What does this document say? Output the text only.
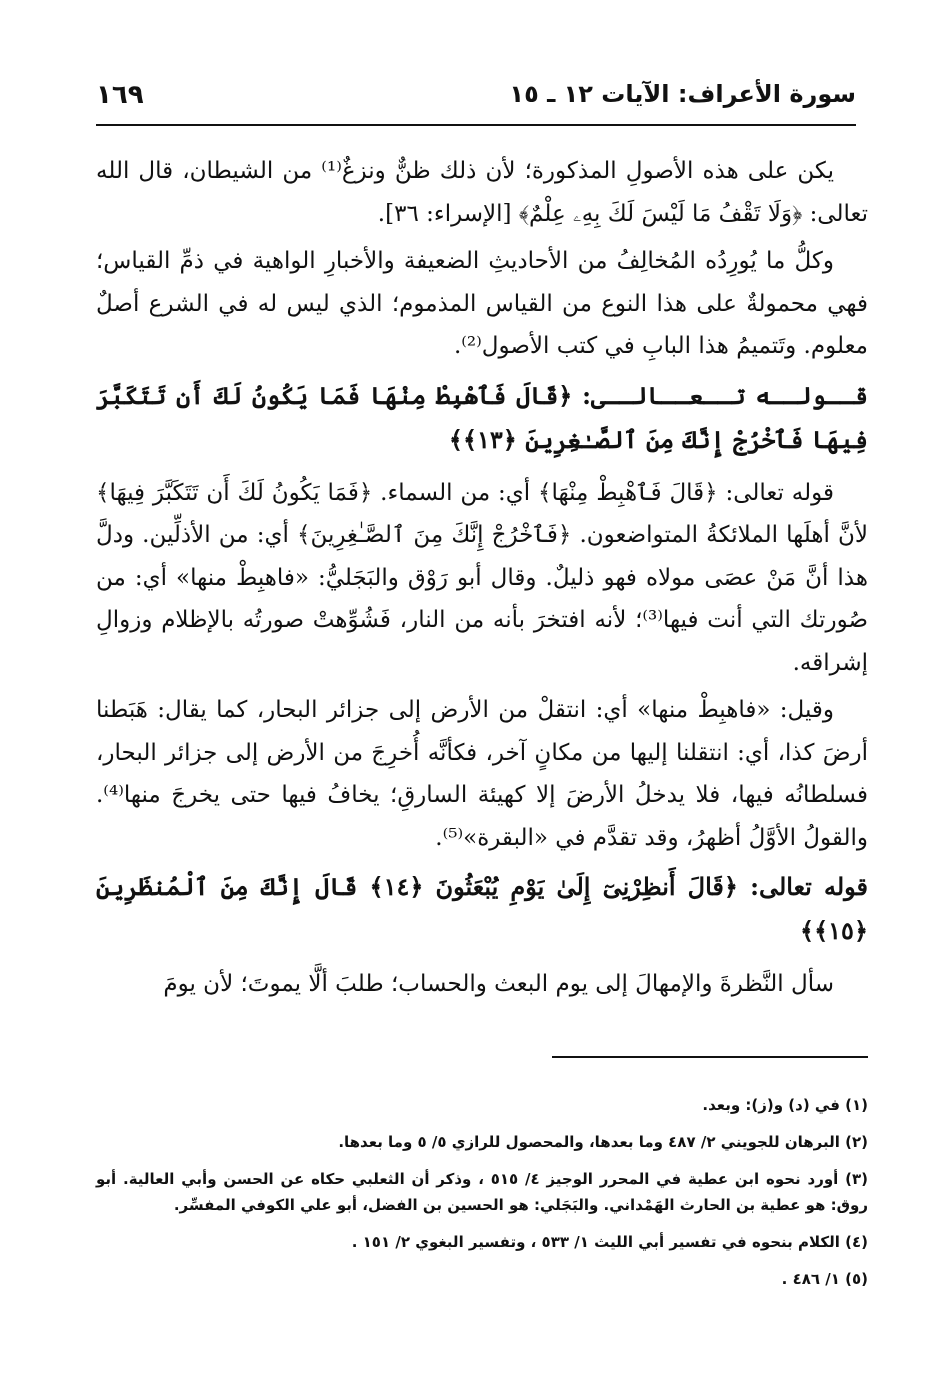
سورة الأعراف: الآيات ١٢ ـ ١٥
١٦٩

يكن على هذه الأصولِ المذكورة؛ لأن ذلك ظنٌّ ونزغٌ⁽¹⁾ من الشيطان، قال الله تعالى: ﴿وَلَا تَقْفُ مَا لَيْسَ لَكَ بِهِۦ عِلْمٌ﴾ [الإسراء: ٣٦].

وكلُّ ما يُورِدُه المُخالِفُ من الأحاديثِ الضعيفة والأخبارِ الواهية في ذمِّ القياس؛ فهي محمولةٌ على هذا النوع من القياس المذموم؛ الذي ليس له في الشرع أصلٌ معلوم. وتَتميمُ هذا البابِ في كتب الأصول⁽²⁾.

قــولــه تــعــالــى: ﴿قَالَ فَٱهْبِطْ مِنْهَا فَمَا يَكُونُ لَكَ أَن تَتَكَبَّرَ فِيهَا فَٱخْرُجْ إِنَّكَ مِنَ ٱلصَّـٰغِرِينَ ﴿١٣﴾﴾

قوله تعالى: ﴿قَالَ فَٱهْبِطْ مِنْهَا﴾ أي: من السماء. ﴿فَمَا يَكُونُ لَكَ أَن تَتَكَبَّرَ فِيهَا﴾ لأنَّ أهلَها الملائكةُ المتواضعون. ﴿فَٱخْرُجْ إِنَّكَ مِنَ ٱلصَّـٰغِرِينَ﴾ أي: من الأذلِّين. ودلَّ هذا أنَّ مَنْ عصَى مولاه فهو ذليلٌ. وقال أبو رَوْق والبَجَليُّ: «فاهبِطْ منها» أي: من صُورتك التي أنت فيها⁽³⁾؛ لأنه افتخرَ بأنه من النار، فَشُوِّهتْ صورتُه بالإظلام وزوالِ إشراقه.

وقيل: «فاهبِطْ منها» أي: انتقلْ من الأرض إلى جزائر البحار، كما يقال: هَبَطنا أرضَ كذا، أي: انتقلنا إليها من مكانٍ آخر، فكأنَّه أُخرِجَ من الأرض إلى جزائر البحار، فسلطانُه فيها، فلا يدخلُ الأرضَ إلا كهيئة السارقِ؛ يخافُ فيها حتى يخرجَ منها⁽⁴⁾. والقولُ الأوَّلُ أظهرُ، وقد تقدَّم في «البقرة»⁽⁵⁾.

قوله تعالى: ﴿قَالَ أَنظِرْنِىٓ إِلَىٰ يَوْمِ يُبْعَثُونَ ﴿١٤﴾ قَالَ إِنَّكَ مِنَ ٱلْمُنظَرِينَ ﴿١٥﴾﴾

سأل النَّظرةَ والإمهالَ إلى يوم البعث والحساب؛ طلبَ ألَّا يموتَ؛ لأن يومَ

(١) في (د) و(ز): وبعد.
(٢) البرهان للجويني ٢/ ٤٨٧ وما بعدها، والمحصول للرازي ٥/ ٥ وما بعدها.
(٣) أورد نحوه ابن عطية في المحرر الوجيز ٤/ ٥١٥ ، وذكر أن الثعلبي حكاه عن الحسن وأبي العالية. أبو روق: هو عطية بن الحارث الهَمْداني. والبَجَلي: هو الحسين بن الفضل، أبو علي الكوفي المفسِّر.
(٤) الكلام بنحوه في تفسير أبي الليث ١/ ٥٣٣ ، وتفسير البغوي ٢/ ١٥١ .
(٥) ١/ ٤٨٦ .
